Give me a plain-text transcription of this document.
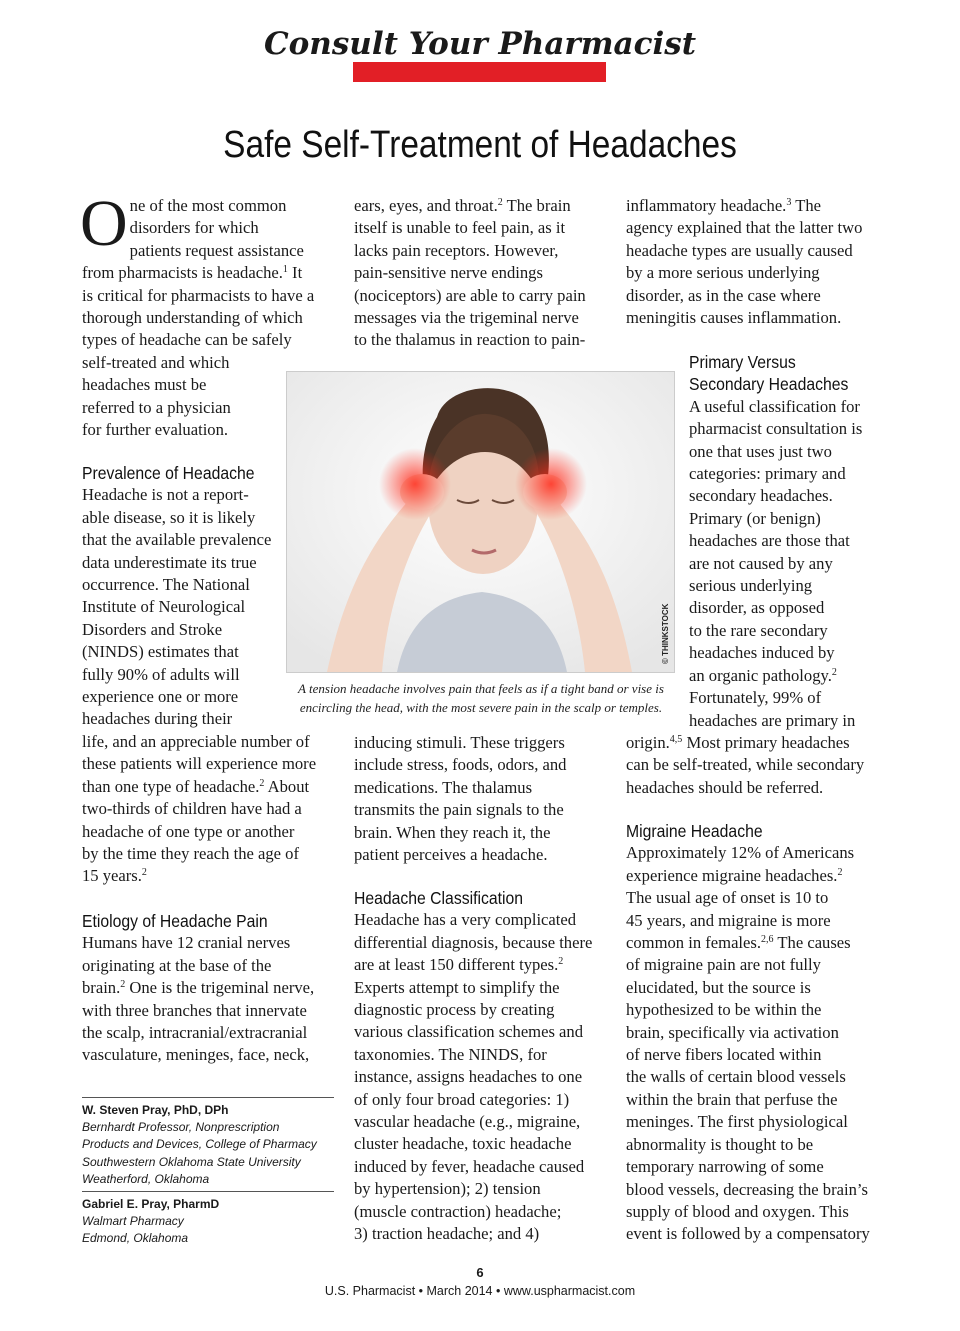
Consult Your Pharmacist
Safe Self-Treatment of Headaches
O ne of the most common
disorders for which
patients request assistance
from pharmacists is headache.$^1$ It
is critical for pharmacists to have a
thorough understanding of which
types of headache can be safely
self-treated and which
headaches must be
referred to a physician
for further evaluation.

Prevalence of Headache

Headache is not a report-
able disease, so it is likely
that the available prevalence
data underestimate its true
occurrence. The National
Institute of Neurological
Disorders and Stroke
(NINDS) estimates that
fully 90% of adults will
experience one or more
headaches during their
life, and an appreciable number of
these patients will experience more
than one type of headache.$^2$ About
two-thirds of children have had a
headache of one type or another
by the time they reach the age of
15 years.$^2$

Etiology of Headache Pain

Humans have 12 cranial nerves
originating at the base of the
brain.$^2$ One is the trigeminal nerve,
with three branches that innervate
the scalp, intracranial/extracranial
vasculature, meninges, face, neck,
W. Steven Pray, PhD, DPh
Bernhardt Professor, Nonprescription
Products and Devices, College of Pharmacy
Southwestern Oklahoma State University
Weatherford, Oklahoma
Gabriel E. Pray, PharmD
Walmart Pharmacy
Edmond, Oklahoma
ears, eyes, and throat.$^2$ The brain
itself is unable to feel pain, as it
lacks pain receptors. However,
pain-sensitive nerve endings
(nociceptors) are able to carry pain
messages via the trigeminal nerve
to the thalamus in reaction to pain-
inducing stimuli. These triggers
include stress, foods, odors, and
medications. The thalamus
transmits the pain signals to the
brain. When they reach it, the
patient perceives a headache.

Headache Classification

Headache has a very complicated
differential diagnosis, because there
are at least 150 different types.$^2$
Experts attempt to simplify the
diagnostic process by creating
various classification schemes and
taxonomies. The NINDS, for
instance, assigns headaches to one
of only four broad categories: 1)
vascular headache (e.g., migraine,
cluster headache, toxic headache
induced by fever, headache caused
by hypertension); 2) tension
(muscle contraction) headache;
3) traction headache; and 4)
inflammatory headache.$^3$ The
agency explained that the latter two
headache types are usually caused
by a more serious underlying
disorder, as in the case where
meningitis causes inflammation.
Primary Versus
Secondary Headaches
A useful classification for
pharmacist consultation is
one that uses just two
categories: primary and
secondary headaches.
Primary (or benign)
headaches are those that
are not caused by any
serious underlying
disorder, as opposed
to the rare secondary
headaches induced by
an organic pathology.$^2$
Fortunately, 99% of
headaches are primary in
origin.$^{4,5}$ Most primary headaches
can be self-treated, while secondary
headaches should be referred.

Migraine Headache

Approximately 12% of Americans
experience migraine headaches.$^2$
The usual age of onset is 10 to
45 years, and migraine is more
common in females.$^{2,6}$ The causes
of migraine pain are not fully
elucidated, but the source is
hypothesized to be within the
brain, specifically via activation
of nerve fibers located within
the walls of certain blood vessels
within the brain that perfuse the
meninges. The first physiological
abnormality is thought to be
temporary narrowing of some
blood vessels, decreasing the brain’s
supply of blood and oxygen. This
event is followed by a compensatory
© THINKSTOCK
A tension headache involves pain that feels as if a tight band or vise is
encircling the head, with the most severe pain in the scalp or temples.
6
U.S. Pharmacist • March 2014 • www.uspharmacist.com
